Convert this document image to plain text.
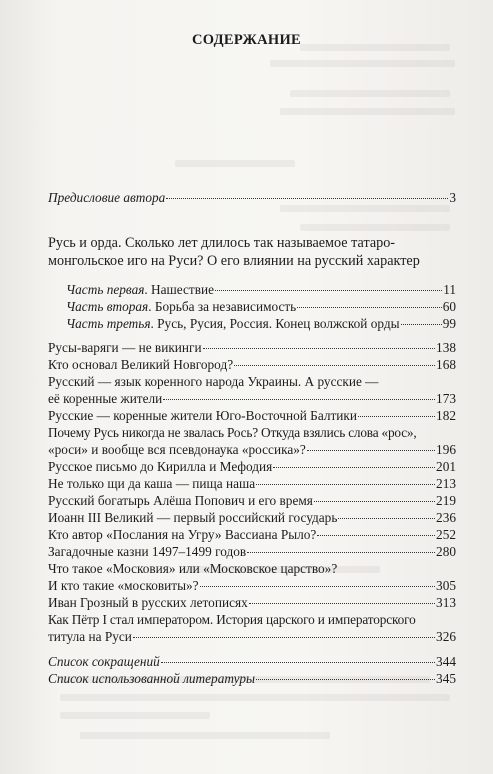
СОДЕРЖАНИЕ
Предисловие автора	3
Русь и орда. Сколько лет длилось так называемое татаро-
монгольское иго на Руси? О его влиянии на русский характер
Часть первая. Нашествие	11
Часть вторая. Борьба за независимость	60
Часть третья. Русь, Русия, Россия. Конец волжской орды	99
Русы-варяги — не викинги	138
Кто основал Великий Новгород?	168
Русский — язык коренного народа Украины. А русские —
её коренные жители	173
Русские — коренные жители Юго-Восточной Балтики	182
Почему Русь никогда не звалась Рось? Откуда взялись слова «рос»,
«роси» и вообще вся псевдонаука «россика»?	196
Русское письмо до Кирилла и Мефодия	201
Не только щи да каша — пища наша	213
Русский богатырь Алёша Попович и его время	219
Иоанн III Великий — первый российский государь	236
Кто автор «Послания на Угру» Вассиана Рыло?	252
Загадочные казни 1497–1499 годов	280
Что такое «Московия» или «Московское царство»?
И кто такие «московиты»?	305
Иван Грозный в русских летописях	313
Как Пётр I стал императором. История царского и императорского
титула на Руси	326
Список сокращений	344
Список использованной литературы	345
